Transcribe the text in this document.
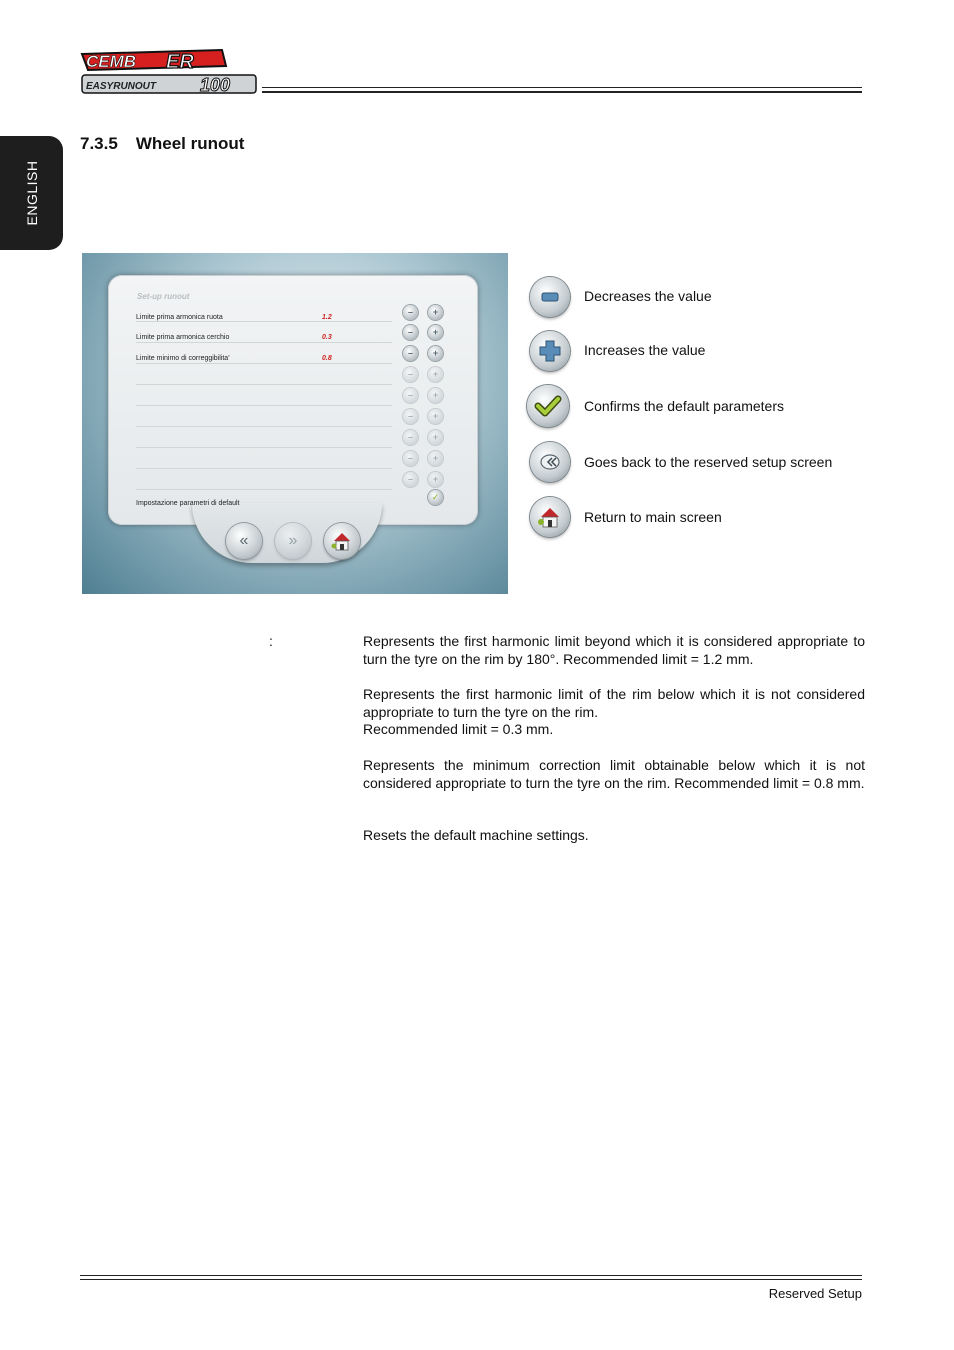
CEMB ER
EASYRUNOUT 100
ENGLISH
7.3.5 Wheel runout
Set-up runout
Limite prima armonica ruota	1.2
Limite prima armonica cerchio	0.3
Limite minimo di correggibilita'	0.8
Impostazione parametri di default
–	+
–	+
–	+
–	+
–	+
–	+
–	+
–	+
–	+
✓
«	»
Decreases the value
Increases the value
Confirms the default parameters
Goes back to the reserved setup screen
Return to main screen
:	Represents the first harmonic limit beyond which it is considered appropriate to turn the tyre on the rim by 180°. Recommended limit = 1.2 mm.

Represents the first harmonic limit of the rim below which it is not considered appropriate to turn the tyre on the rim.

Recommended limit = 0.3 mm.

Represents the minimum correction limit obtainable below which it is not considered appropriate to turn the tyre on the rim. Recommended limit = 0.8 mm.

Resets the default machine settings.

Reserved Setup
